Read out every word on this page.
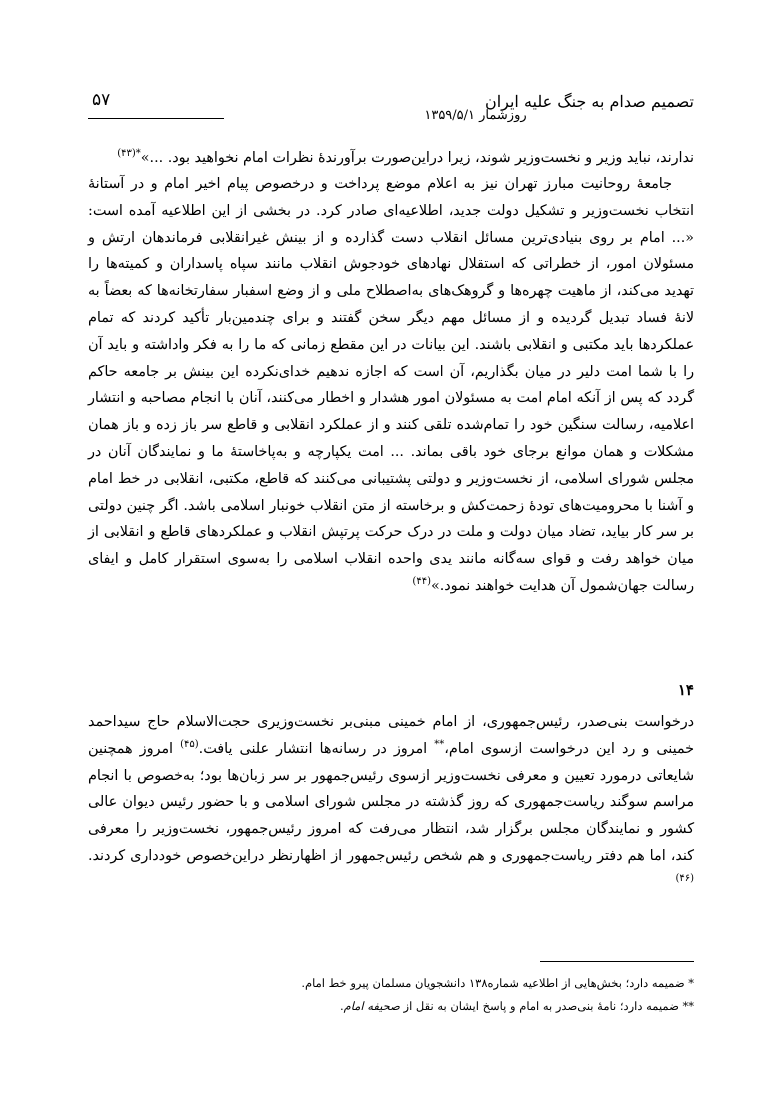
تصمیم صدام به جنگ علیه ایران
۵۷
روزشمار ۱۳۵۹/۵/۱
ندارند، نباید وزیر و نخست‌وزیر شوند، زیرا دراین‌صورت برآورندهٔ نظرات امام نخواهید بود. ...»$^{*(۴۳)}$
جامعهٔ روحانیت مبارز تهران نیز به اعلام موضع پرداخت و درخصوص پیام اخیر امام و در آستانهٔ انتخاب نخست‌وزیر و تشکیل دولت جدید، اطلاعیه‌ای صادر کرد. در بخشی از این اطلاعیه آمده است: «... امام بر روی بنیادی‌ترین مسائل انقلاب دست گذارده و از بینش غیرانقلابی فرماندهان ارتش و مسئولان امور، از خطراتی که استقلال نهادهای خودجوش انقلاب مانند سپاه پاسداران و کمیته‌ها را تهدید می‌کند، از ماهیت چهره‌ها و گروهک‌های به‌اصطلاح ملی و از وضع اسفبار سفارتخانه‌ها که بعضاً به لانهٔ فساد تبدیل گردیده و از مسائل مهم دیگر سخن گفتند و برای چندمین‌بار تأکید کردند که تمام عملکردها باید مکتبی و انقلابی باشند. این بیانات در این مقطع زمانی که ما را به فکر واداشته و باید آن را با شما امت دلیر در میان بگذاریم، آن است که اجازه ندهیم خدای‌نکرده این بینش بر جامعه حاکم گردد که پس از آنکه امام امت به مسئولان امور هشدار و اخطار می‌کنند، آنان با انجام مصاحبه و انتشار اعلامیه، رسالت سنگین خود را تمام‌شده تلقی کنند و از عملکرد انقلابی و قاطع سر باز زده و باز همان مشکلات و همان موانع برجای خود باقی بماند. ... امت یکپارچه و به‌پاخاستهٔ ما و نمایندگان آنان در مجلس شورای اسلامی، از نخست‌وزیر و دولتی پشتیبانی می‌کنند که قاطع، مکتبی، انقلابی در خط امام و آشنا با محرومیت‌های تودهٔ زحمت‌کش و برخاسته از متن انقلاب خونبار اسلامی باشد. اگر چنین دولتی بر سر کار بیاید، تضاد میان دولت و ملت در درک حرکت پرتپش انقلاب و عملکردهای قاطع و انقلابی از میان خواهد رفت و قوای سه‌گانه مانند یدی واحده انقلاب اسلامی را به‌سوی استقرار کامل و ایفای رسالت جهان‌شمول آن هدایت خواهند نمود.»$^{(۴۴)}$
۱۴
درخواست بنی‌صدر، رئیس‌جمهوری، از امام خمینی مبنی‌بر نخست‌وزیری حجت‌الاسلام حاج سیداحمد خمینی و رد این درخواست ازسوی امام،** امروز در رسانه‌ها انتشار علنی یافت.$^{(۴۵)}$ امروز همچنین شایعاتی درمورد تعیین و معرفی نخست‌وزیر ازسوی رئیس‌جمهور بر سر زبان‌ها بود؛ به‌خصوص با انجام مراسم سوگند ریاست‌جمهوری که روز گذشته در مجلس شورای اسلامی و با حضور رئیس دیوان عالی کشور و نمایندگان مجلس برگزار شد، انتظار می‌رفت که امروز رئیس‌جمهور، نخست‌وزیر را معرفی کند، اما هم دفتر ریاست‌جمهوری و هم شخص رئیس‌جمهور از اظهارنظر دراین‌خصوص خودداری کردند.$^{(۴۶)}$
* ضمیمه دارد؛ بخش‌هایی از اطلاعیه شماره۱۳۸ دانشجویان مسلمان پیرو خط امام.
** ضمیمه دارد؛ نامهٔ بنی‌صدر به امام و پاسخ ایشان به نقل از صحیفه امام.
